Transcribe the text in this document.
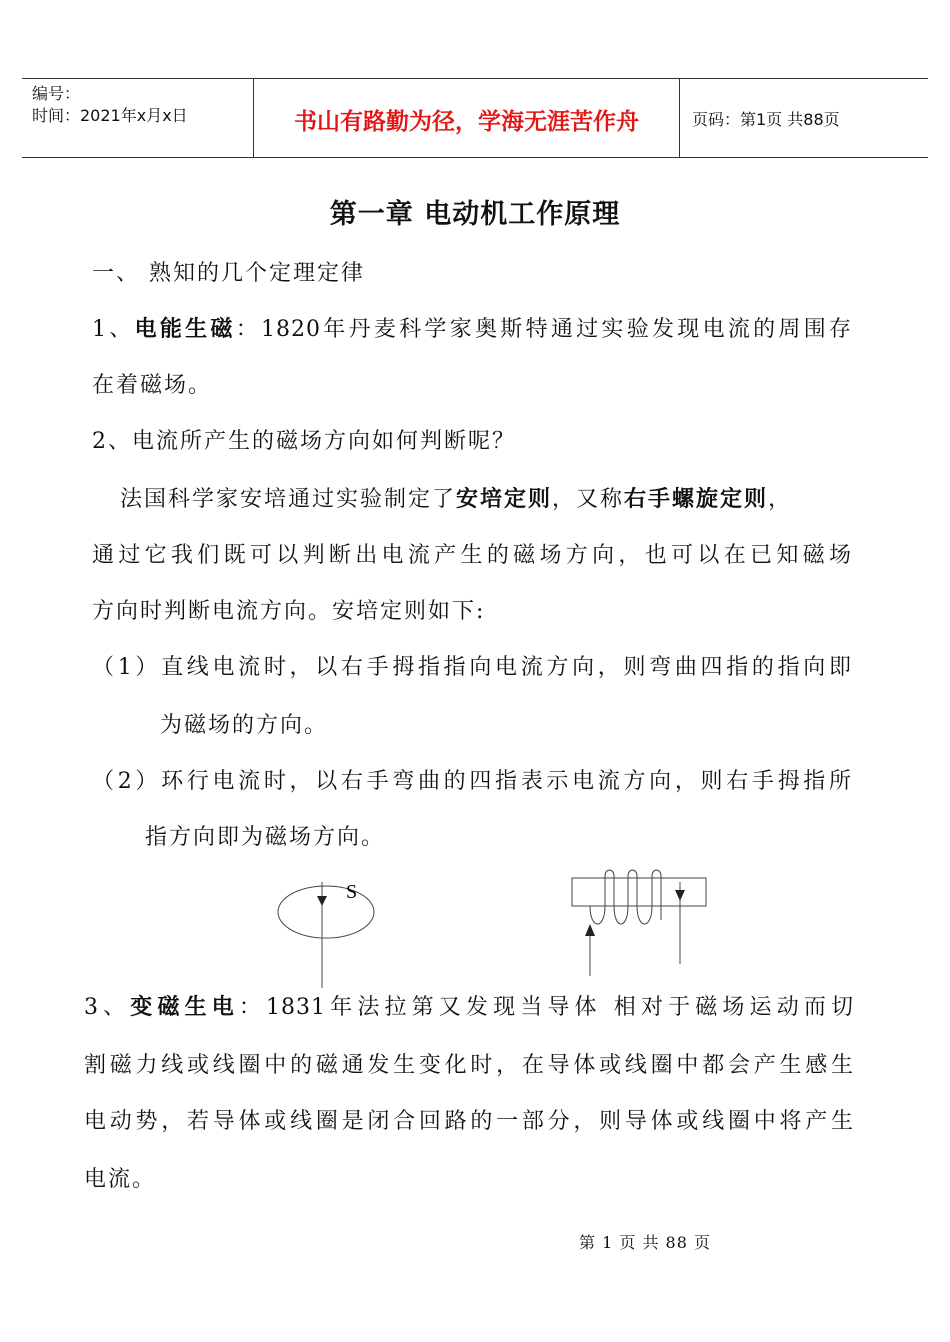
编号：
时间：2021年x月x日	书山有路勤为径，学海无涯苦作舟	页码：第1页 共88页
第一章 电动机工作原理
一、 熟知的几个定理定律
1、电能生磁：1820年丹麦科学家奥斯特通过实验发现电流的周围存
在着磁场。
2、电流所产生的磁场方向如何判断呢？
法国科学家安培通过实验制定了安培定则，又称右手螺旋定则，
通过它我们既可以判断出电流产生的磁场方向，也可以在已知磁场
方向时判断电流方向。安培定则如下:
（1）直线电流时，以右手拇指指向电流方向，则弯曲四指的指向即
为磁场的方向。
（2）环行电流时，以右手弯曲的四指表示电流方向，则右手拇指所
指方向即为磁场方向。
S
3、变磁生电：1831年法拉第又发现当导体 相对于磁场运动而切
割磁力线或线圈中的磁通发生变化时，在导体或线圈中都会产生感生
电动势，若导体或线圈是闭合回路的一部分，则导体或线圈中将产生
电流。
第 1 页 共 88 页
